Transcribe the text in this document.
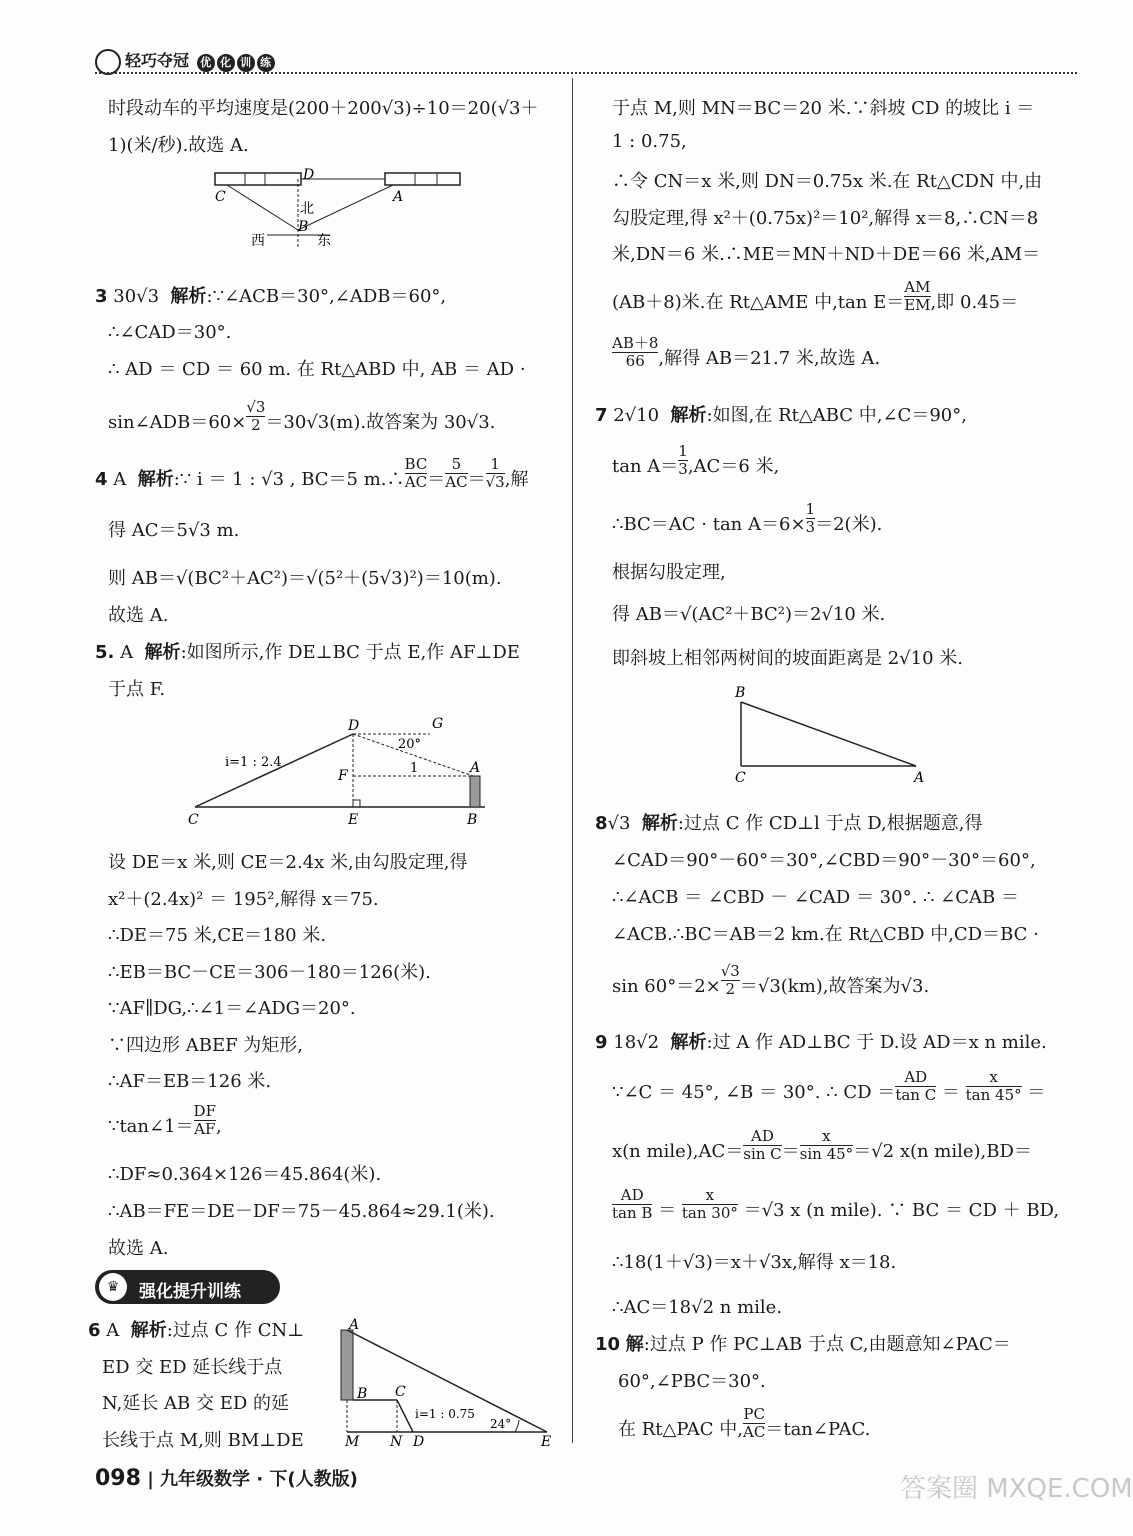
轻巧夺冠 优 化 训 练
时段动车的平均速度是(200＋200√3)÷10＝20(√3＋
1)(米/秒).故选 A.
D
C	A
北
B
西	东
3 30√3 解析:∵∠ACB＝30°,∠ADB＝60°,
∴∠CAD＝30°.
∴ AD ＝ CD ＝ 60 m. 在 Rt△ABD 中, AB ＝ AD ·
sin∠ADB＝60× $\frac{√3}{2} =30√3(m)$.故答案为 30√3.
4 A 解析:∵ i ＝ 1 : √3 , BC＝5 m.∴ $\frac{BC}{AC} = \frac{5}{AC} = \frac{1}{√3}$ ,解
得 AC＝5√3 m.
则 AB＝√(BC²＋AC²)＝√(5²＋(5√3)²)＝10(m).
故选 A.
5. A 解析:如图所示,作 DE⊥BC 于点 E,作 AF⊥DE
于点 F.
D	G
F	A
C	E	B
i=1 : 2.4
20°
1
设 DE＝x 米,则 CE＝2.4x 米,由勾股定理,得
x²＋(2.4x)² ＝ 195²,解得 x＝75.
∴DE＝75 米,CE＝180 米.
∴EB＝BC－CE＝306－180＝126(米).
∵AF∥DG,∴∠1＝∠ADG＝20°.
∵四边形 ABEF 为矩形,
∴AF＝EB＝126 米.
∵tan∠1＝ $\frac{DF}{AF}$ ,
∴DF≈0.364×126＝45.864(米).
∴AB＝FE＝DE－DF＝75－45.864≈29.1(米).
故选 A.
♛	强化提升训练
6 A 解析:过点 C 作 CN⊥
ED 交 ED 延长线于点
N,延长 AB 交 ED 的延
长线于点 M,则 BM⊥DE
A
B C
M N D	E
i=1 : 0.75
24°
于点 M,则 MN＝BC＝20 米.∵斜坡 CD 的坡比 i ＝
1 : 0.75,
∴令 CN＝x 米,则 DN＝0.75x 米.在 Rt△CDN 中,由
勾股定理,得 x²＋(0.75x)²＝10²,解得 x＝8,∴CN＝8
米,DN＝6 米.∴ME＝MN＋ND＋DE＝66 米,AM＝
(AB＋8)米.在 Rt△AME 中,tan $E= \frac{AM}{EM}$ ,即 0.45＝
$\frac{AB+8}{66}$ ,解得 AB＝21.7 米,故选 A.
7 2√10 解析:如图,在 Rt△ABC 中,∠C＝90°,
$\tan A= \frac{1}{3} ,AC=6$ 米,
∴BC＝AC · $\tan A=6\times \frac{1}{3} =2$(米).
根据勾股定理,
得 AB＝√(AC²＋BC²)＝2√10 米.
即斜坡上相邻两树间的坡面距离是 2√10 米.
B
C	A
8√3 解析:过点 C 作 CD⊥l 于点 D,根据题意,得
∠CAD＝90°－60°＝30°,∠CBD＝90°－30°＝60°,
∴∠ACB ＝ ∠CBD － ∠CAD ＝ 30°. ∴ ∠CAB ＝
∠ACB.∴BC＝AB＝2 km.在 Rt△CBD 中,CD＝BC ·
$\sin 60^\circ=2\times \frac{√3}{2} =√3(km)$,故答案为√3.
9 18√2 解析:过 A 作 AD⊥BC 于 D.设 AD＝x n mile.
∵∠C ＝ 45°, ∠B ＝ 30°. ∴ CD ＝ $\frac{AD}{\text{tan C}} = \frac{x}{\tan 45^\circ}$ ＝
x(n mile),AC＝ $\frac{AD}{\text{sin C}} = \frac{x}{\sin 45^\circ} =√2$ x(n mile),BD＝
$\frac{AD}{\text{tan B}} = \frac{x}{\tan 30^\circ} =√3$ x (n mile). ∵ BC ＝ CD ＋ BD,
∴18(1＋√3)＝x＋√3x,解得 x＝18.
∴AC＝18√2 n mile.
10 解:过点 P 作 PC⊥AB 于点 C,由题意知∠PAC＝
60°,∠PBC＝30°.
在 Rt△PAC 中, $\frac{PC}{AC}$ ＝tan∠PAC.
098 | 九年级数学 · 下(人教版)	答案圈 MXQE.COM
